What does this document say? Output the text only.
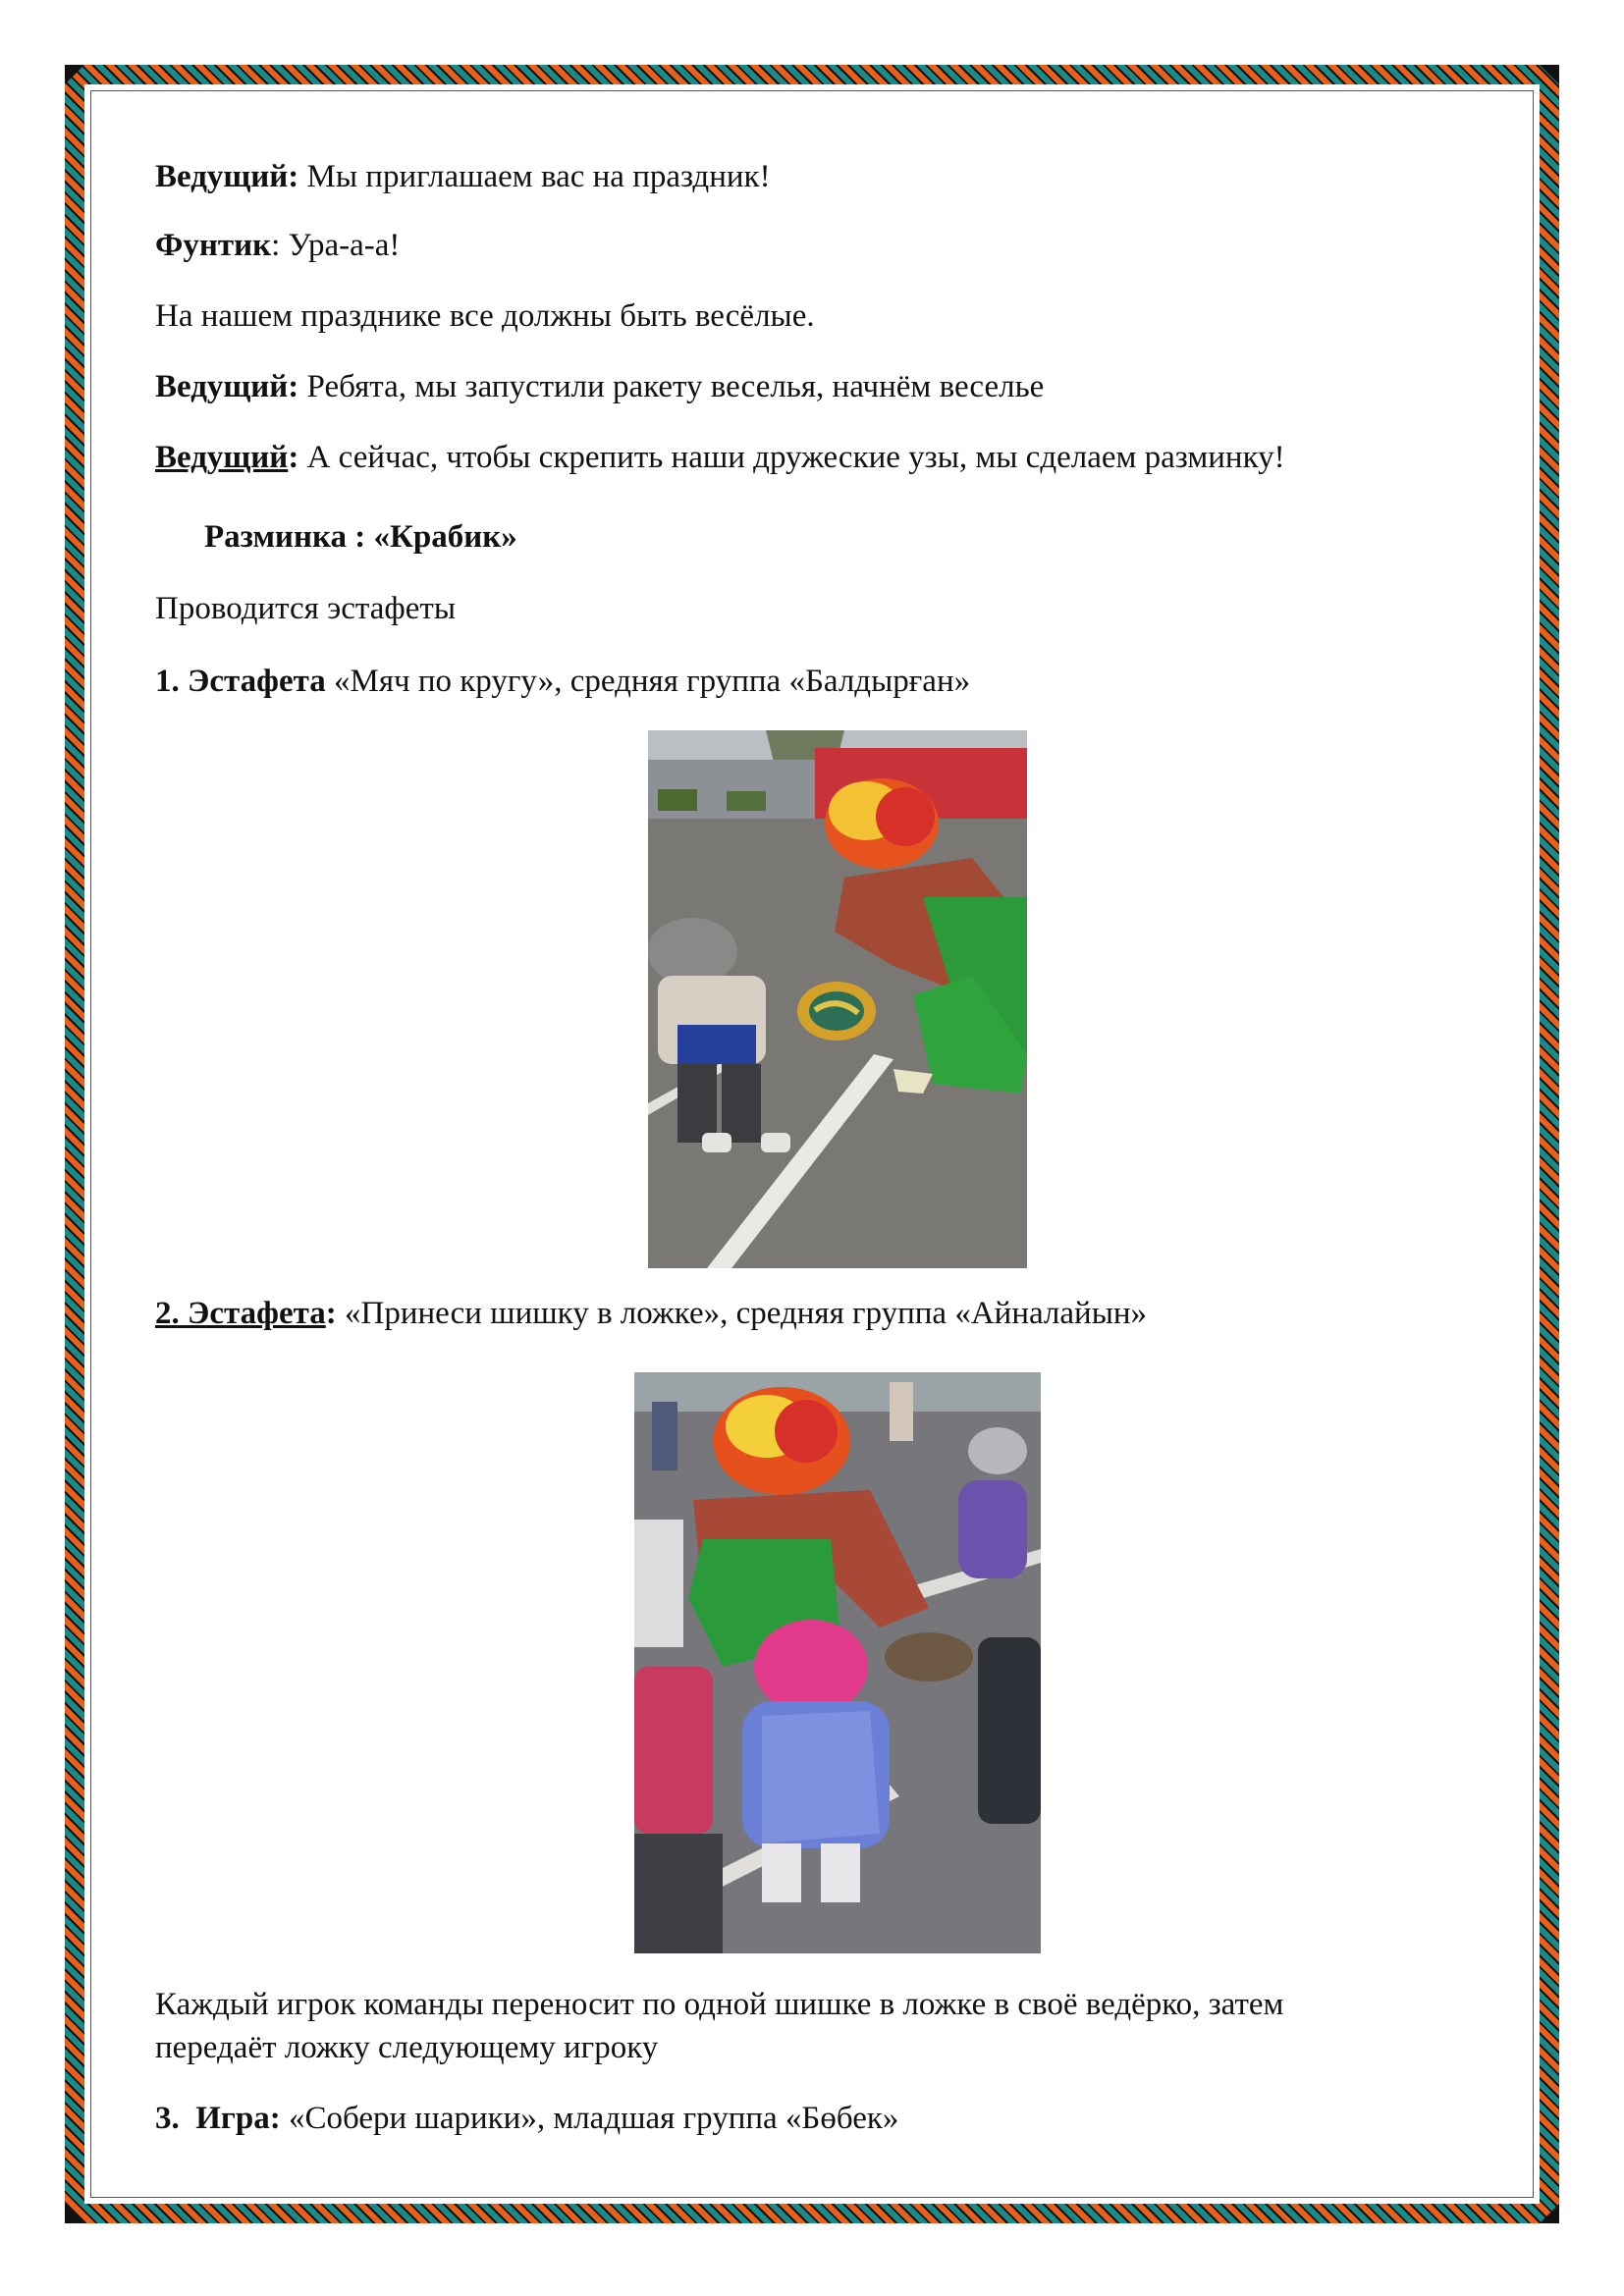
Ведущий: Мы приглашаем вас на праздник!
Фунтик: Ура-а-а!
На нашем празднике все должны быть весёлые.
Ведущий: Ребята, мы запустили ракету веселья, начнём веселье
Ведущий: А сейчас, чтобы скрепить наши дружеские узы, мы сделаем разминку!
Разминка : «Крабик»
Проводится эстафеты
1. Эстафета «Мяч по кругу», средняя группа «Балдырған»
2. Эстафета: «Принеси шишку в ложке», средняя группа «Айналайын»
Каждый игрок команды переносит по одной шишке в ложке в своё ведёрко, затем
передаёт ложку следующему игроку
3.  Игра: «Собери шарики», младшая группа «Бөбек»
